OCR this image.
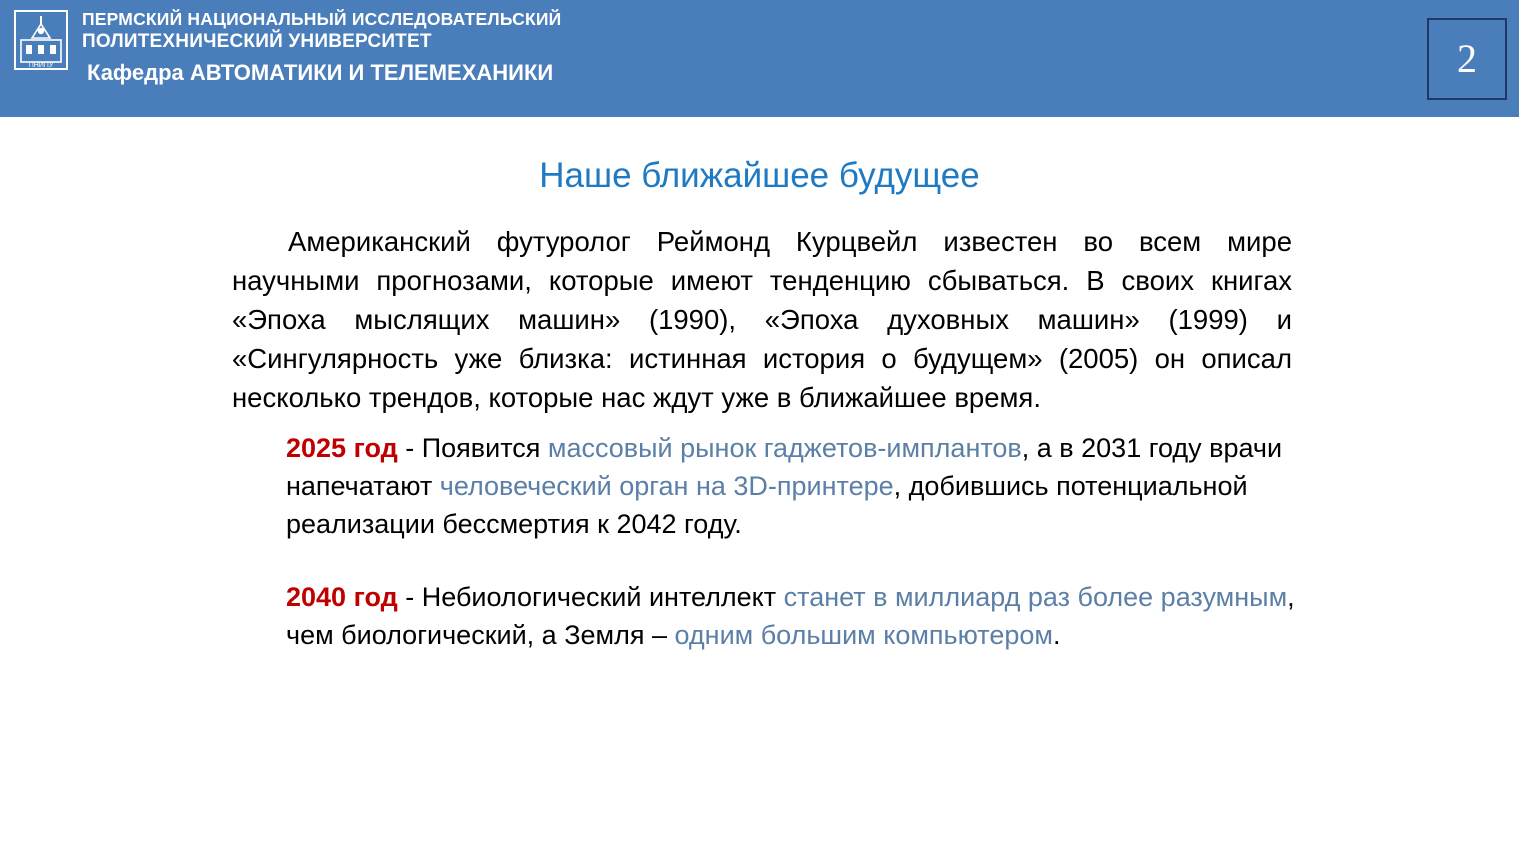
ПНИПУ
ПЕРМСКИЙ НАЦИОНАЛЬНЫЙ ИССЛЕДОВАТЕЛЬСКИЙ
ПОЛИТЕХНИЧЕСКИЙ УНИВЕРСИТЕТ
Кафедра АВТОМАТИКИ И ТЕЛЕМЕХАНИКИ	2
Наше ближайшее будущее
Американский футуролог Реймонд Курцвейл известен во всем мире научными прогнозами, которые имеют тенденцию сбываться. В своих книгах «Эпоха мыслящих машин» (1990), «Эпоха духовных машин» (1999) и «Сингулярность уже близка: истинная история о будущем» (2005) он описал несколько трендов, которые нас ждут уже в ближайшее время.
2025 год - Появится массовый рынок гаджетов-имплантов, а в 2031 году врачи напечатают человеческий орган на 3D-принтере, добившись потенциальной реализации бессмертия к 2042 году.
2040 год - Небиологический интеллект станет в миллиард раз более разумным, чем биологический, а Земля – одним большим компьютером.
